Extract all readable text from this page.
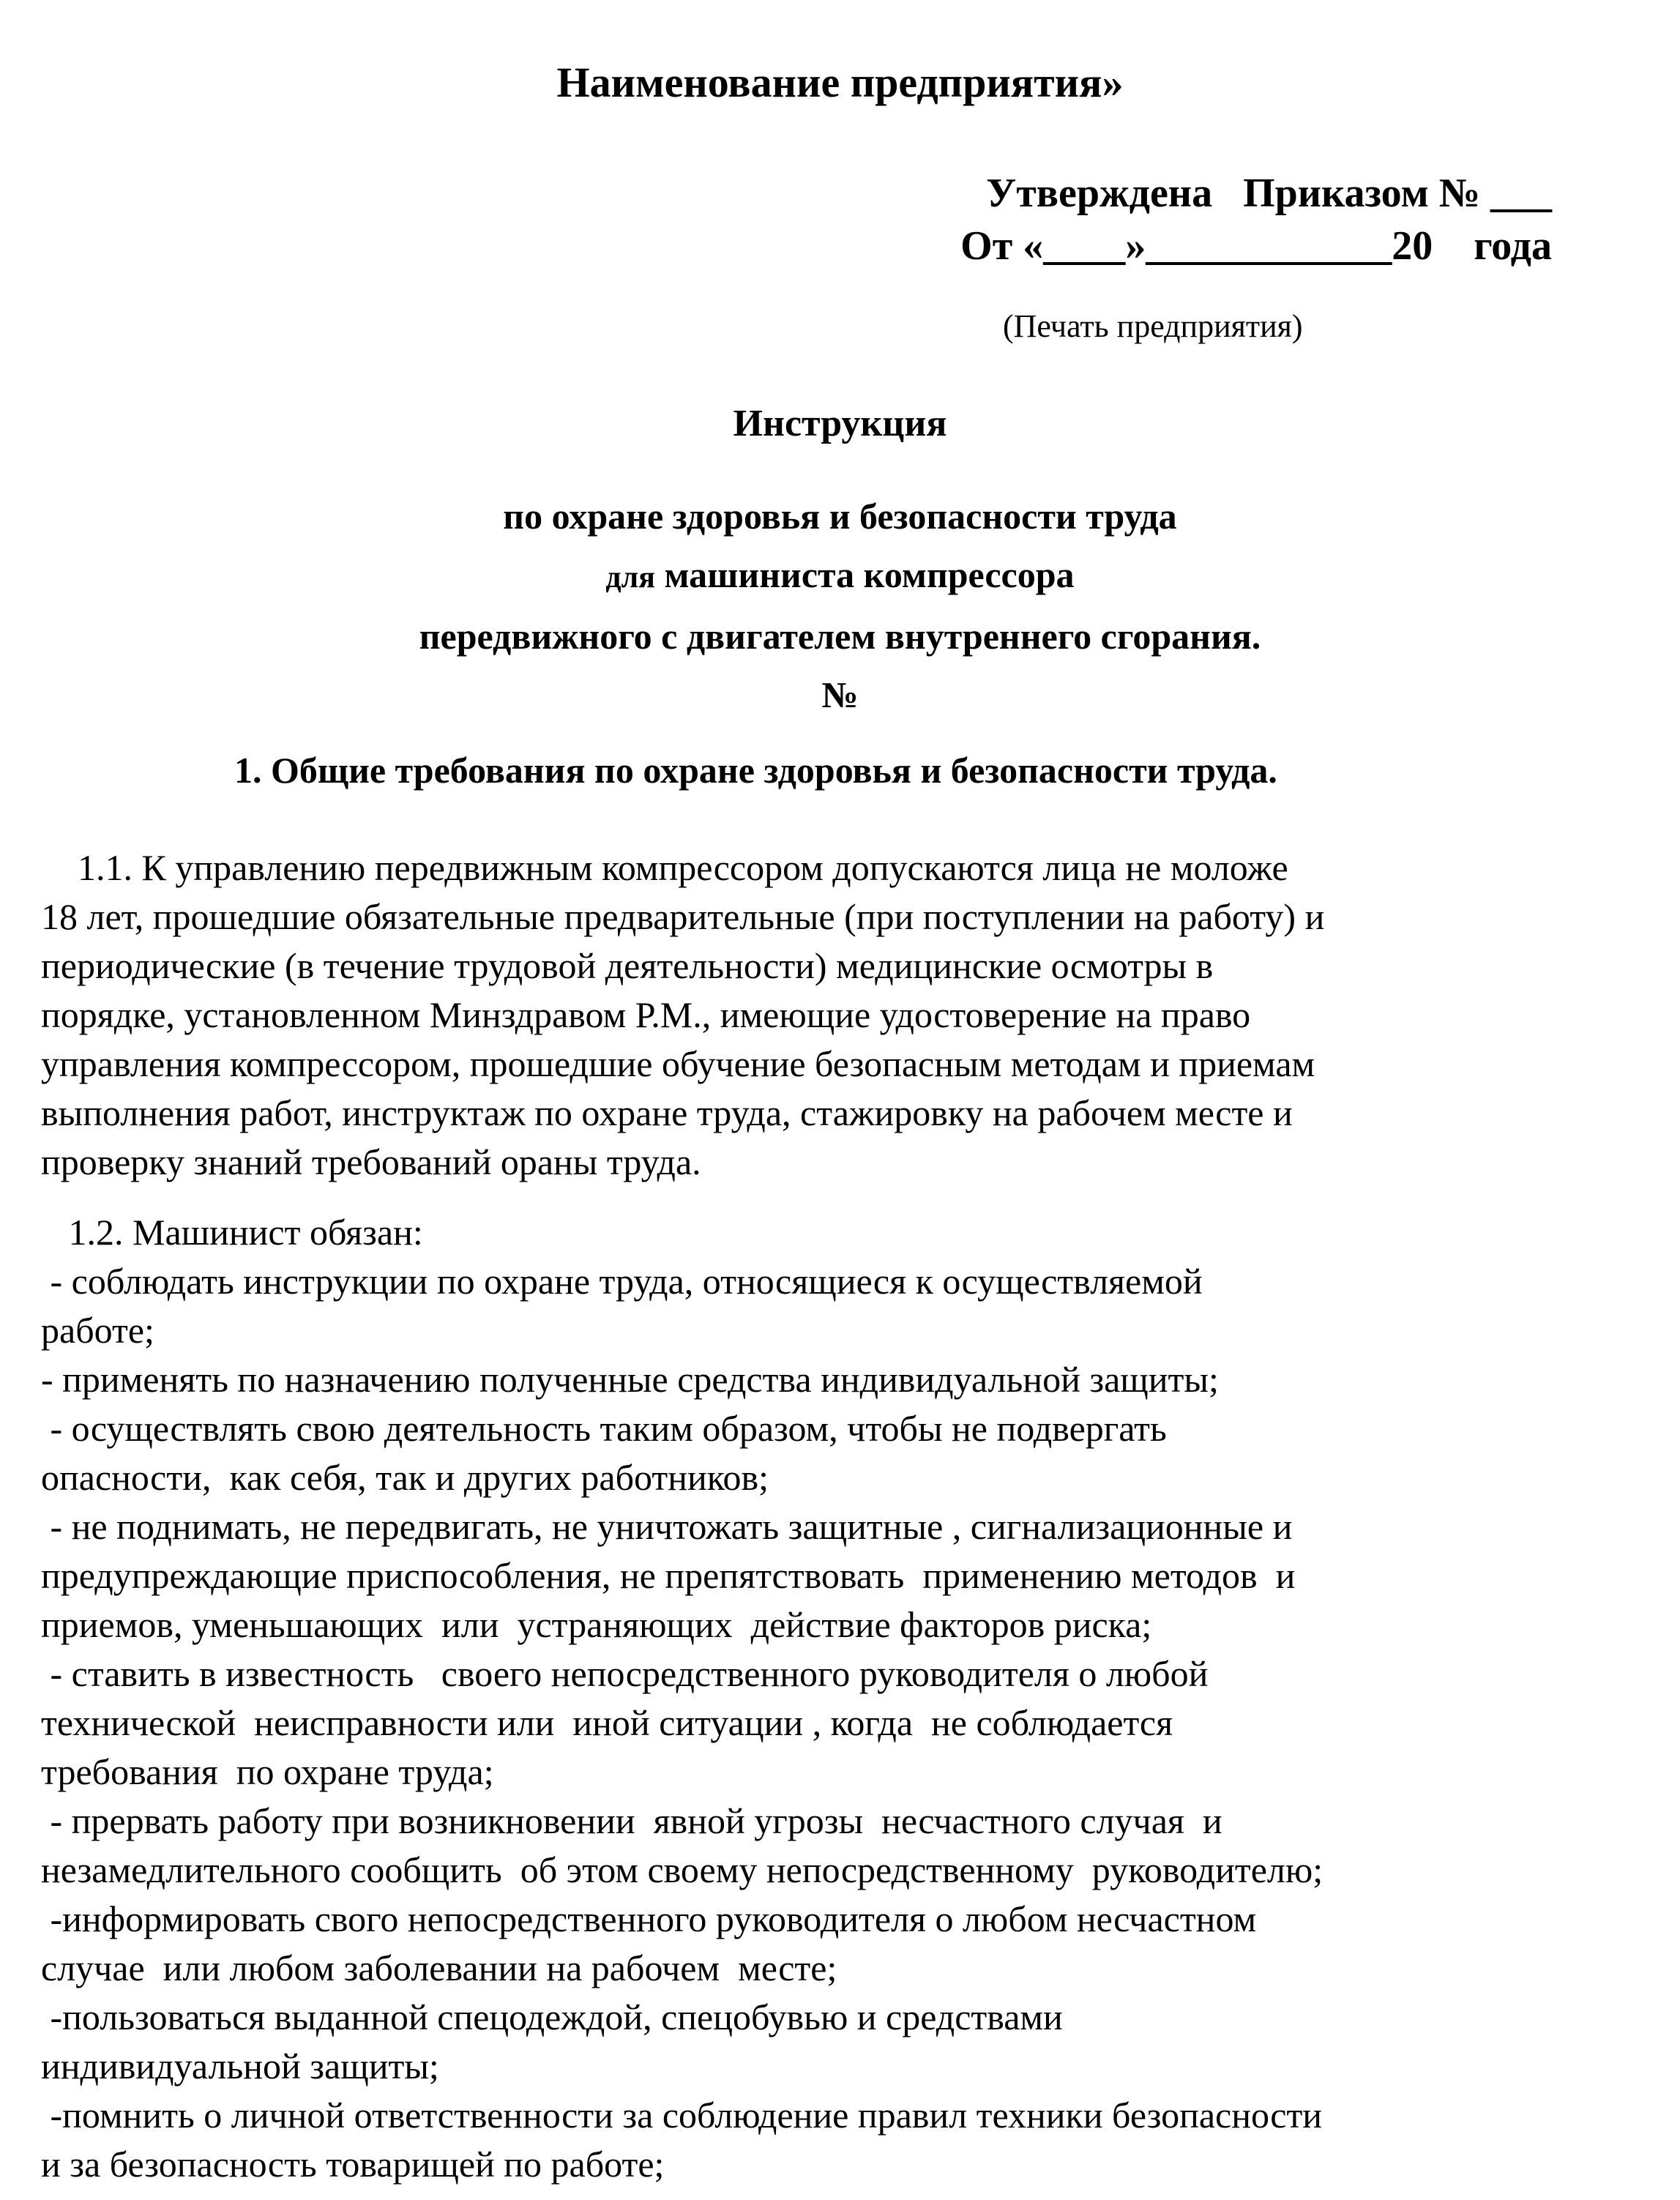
Наименование предприятия»
Утверждена   Приказом № ___
От «____»____________20    года
(Печать предприятия)
Инструкция
по охране здоровья и безопасности труда
для машиниста компрессора
передвижного с двигателем внутреннего сгорания.
№
1. Общие требования по охране здоровья и безопасности труда.
1.1. К управлению передвижным компрессором допускаются лица не моложе
18 лет, прошедшие обязательные предварительные (при поступлении на работу) и
периодические (в течение трудовой деятельности) медицинские осмотры в
порядке, установленном Минздравом Р.М., имеющие удостоверение на право
управления компрессором, прошедшие обучение безопасным методам и приемам
выполнения работ, инструктаж по охране труда, стажировку на рабочем месте и
проверку знаний требований ораны труда.
1.2. Машинист обязан:
- соблюдать инструкции по охране труда, относящиеся к осуществляемой
работе;
- применять по назначению полученные средства индивидуальной защиты;
- осуществлять свою деятельность таким образом, чтобы не подвергать
опасности,  как себя, так и других работников;
- не поднимать, не передвигать, не уничтожать защитные , сигнализационные и
предупреждающие приспособления, не препятствовать  применению методов  и
приемов, уменьшающих  или  устраняющих  действие факторов риска;
- ставить в известность   своего непосредственного руководителя о любой
технической  неисправности или  иной ситуации , когда  не соблюдается
требования  по охране труда;
- прервать работу при возникновении  явной угрозы  несчастного случая  и
незамедлительного сообщить  об этом своему непосредственному  руководителю;
-информировать свого непосредственного руководителя о любом несчастном
случае  или любом заболевании на рабочем  месте;
-пользоваться выданной спецодеждой, спецобувью и средствами
индивидуальной защиты;
-помнить о личной ответственности за соблюдение правил техники безопасности
и за безопасность товарищей по работе;
